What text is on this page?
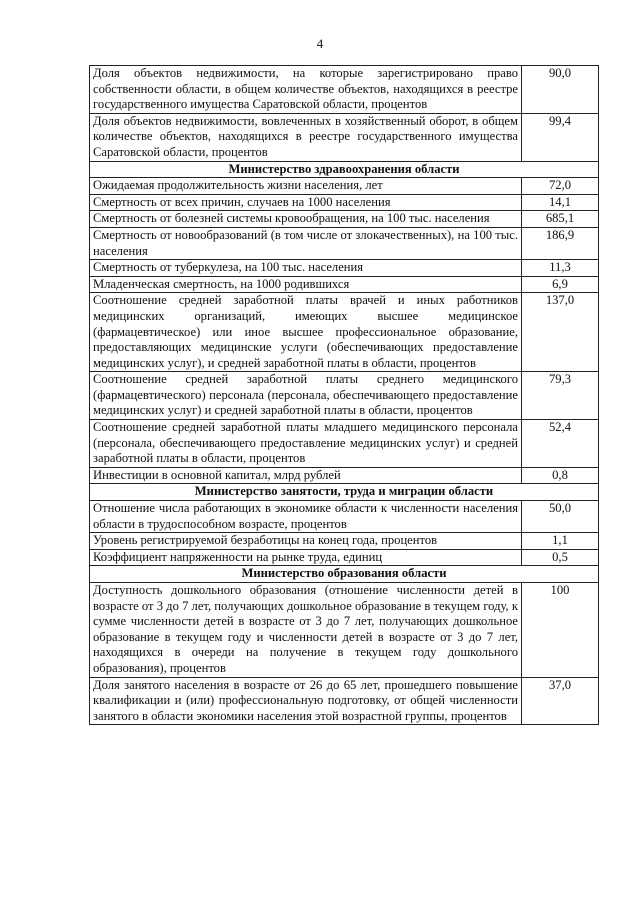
4
Доля объектов недвижимости, на которые зарегистрировано право собственности области, в общем количестве объектов, находящихся в реестре государственного имущества Саратовской области, процентов	90,0
Доля объектов недвижимости, вовлеченных в хозяйственный оборот, в общем количестве объектов, находящихся в реестре государственного имущества Саратовской области, процентов	99,4
Министерство здравоохранения области	
Ожидаемая продолжительность жизни населения, лет	72,0
Смертность от всех причин, случаев на 1000 населения	14,1
Смертность от болезней системы кровообращения, на 100 тыс. населения	685,1
Смертность от новообразований (в том числе от злокачественных), на 100 тыс. населения	186,9
Смертность от туберкулеза, на 100 тыс. населения	11,3
Младенческая смертность, на 1000 родившихся	6,9
Соотношение средней заработной платы врачей и иных работников медицинских организаций, имеющих высшее медицинское (фармацевтическое) или иное высшее профессиональное образование, предоставляющих медицинские услуги (обеспечивающих предоставление медицинских услуг), и средней заработной платы в области, процентов	137,0
Соотношение средней заработной платы среднего медицинского (фармацевтического) персонала (персонала, обеспечивающего предоставление медицинских услуг) и средней заработной платы в области, процентов	79,3
Соотношение средней заработной платы младшего медицинского персонала (персонала, обеспечивающего предоставление медицинских услуг) и средней заработной платы в области, процентов	52,4
Инвестиции в основной капитал, млрд рублей	0,8
Министерство занятости, труда и миграции области	
Отношение числа работающих в экономике области к численности населения области в трудоспособном возрасте, процентов	50,0
Уровень регистрируемой безработицы на конец года, процентов	1,1
Коэффициент напряженности на рынке труда, единиц	0,5
Министерство образования области	
Доступность дошкольного образования (отношение численности детей в возрасте от 3 до 7 лет, получающих дошкольное образование в текущем году, к сумме численности детей в возрасте от 3 до 7 лет, получающих дошкольное образование в текущем году и численности детей в возрасте от 3 до 7 лет, находящихся в очереди на получение в текущем году дошкольного образования), процентов	100
Доля занятого населения в возрасте от 26 до 65 лет, прошедшего повышение квалификации и (или) профессиональную подготовку, от общей численности занятого в области экономики населения этой возрастной группы, процентов	37,0
